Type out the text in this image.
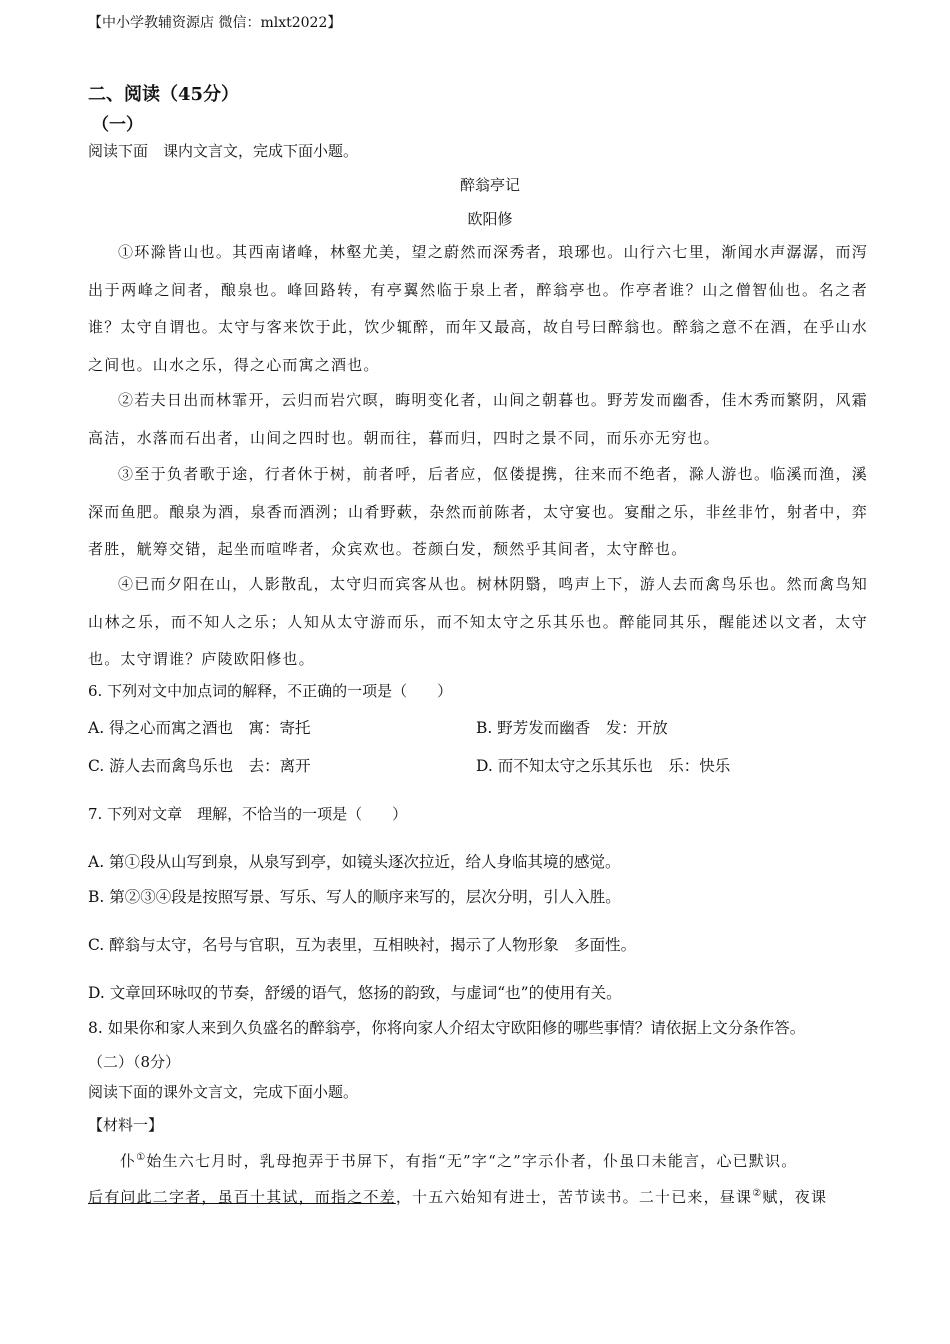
【中小学教辅资源店 微信：mlxt2022】
二、阅读（45分）
（一）
阅读下面　课内文言文，完成下面小题。
醉翁亭记
欧阳修
①环滁皆山也。其西南诸峰，林壑尤美，望之蔚然而深秀者，琅琊也。山行六七里，渐闻水声潺潺，而泻出于两峰之间者，酿泉也。峰回路转，有亭翼然临于泉上者，醉翁亭也。作亭者谁？山之僧智仙也。名之者谁？太守自谓也。太守与客来饮于此，饮少辄醉，而年又最高，故自号曰醉翁也。醉翁之意不在酒，在乎山水之间也。山水之乐，得之心而寓之酒也。
②若夫日出而林霏开，云归而岩穴暝，晦明变化者，山间之朝暮也。野芳发而幽香，佳木秀而繁阴，风霜高洁，水落而石出者，山间之四时也。朝而往，暮而归，四时之景不同，而乐亦无穷也。
③至于负者歌于途，行者休于树，前者呼，后者应，伛偻提携，往来而不绝者，滁人游也。临溪而渔，溪深而鱼肥。酿泉为酒，泉香而酒洌；山肴野蔌，杂然而前陈者，太守宴也。宴酣之乐，非丝非竹，射者中，弈者胜，觥筹交错，起坐而喧哗者，众宾欢也。苍颜白发，颓然乎其间者，太守醉也。
④已而夕阳在山，人影散乱，太守归而宾客从也。树林阴翳，鸣声上下，游人去而禽鸟乐也。然而禽鸟知山林之乐，而不知人之乐；人知从太守游而乐，而不知太守之乐其乐也。醉能同其乐，醒能述以文者，太守也。太守谓谁？庐陵欧阳修也。
6. 下列对文中加点词的解释，不正确的一项是（　　）
A. 得之心而寓之酒也　寓：寄托	B. 野芳发而幽香　发：开放
C. 游人去而禽鸟乐也　去：离开	D. 而不知太守之乐其乐也　乐：快乐
7. 下列对文章　理解，不恰当的一项是（　　）
A. 第①段从山写到泉，从泉写到亭，如镜头逐次拉近，给人身临其境的感觉。
B. 第②③④段是按照写景、写乐、写人的顺序来写的，层次分明，引人入胜。
C. 醉翁与太守，名号与官职，互为表里，互相映衬，揭示了人物形象　多面性。
D. 文章回环咏叹的节奏，舒缓的语气，悠扬的韵致，与虚词“也”的使用有关。
8. 如果你和家人来到久负盛名的醉翁亭，你将向家人介绍太守欧阳修的哪些事情？请依据上文分条作答。
（二）（8分）
阅读下面的课外文言文，完成下面小题。
【材料一】
仆①始生六七月时，乳母抱弄于书屏下，有指“无”字“之”字示仆者，仆虽口未能言，心已默识。
后有问此二字者，虽百十其试，而指之不差，十五六始知有进士，苦节读书。二十已来，昼课②赋，夜课
